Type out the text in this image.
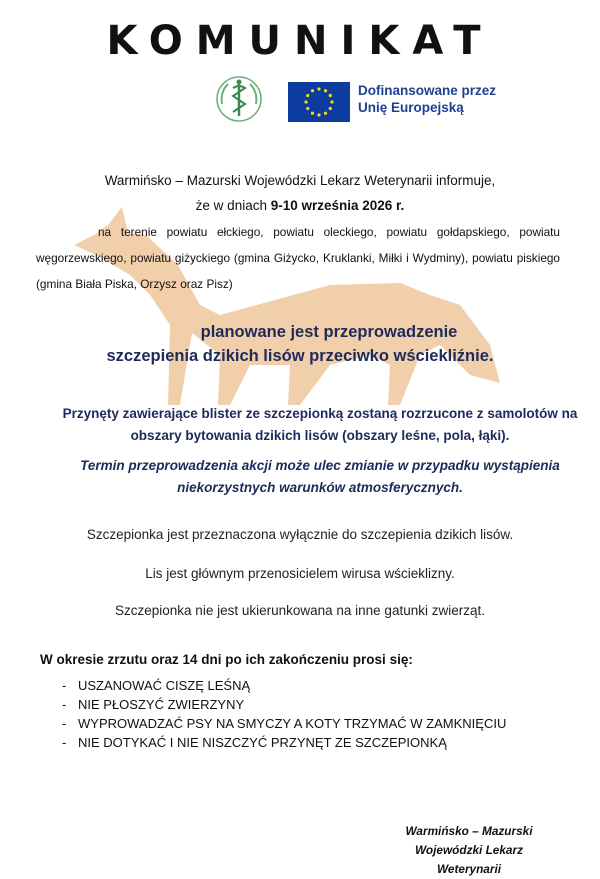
KOMUNIKAT
Dofinansowane przez
Unię Europejską
Warmińsko – Mazurski Wojewódzki Lekarz Weterynarii informuje,
że w dniach 9-10 września 2026 r.
na terenie powiatu ełckiego, powiatu oleckiego, powiatu gołdapskiego, powiatu węgorzewskiego, powiatu giżyckiego (gmina Giżycko, Kruklanki, Miłki i Wydminy), powiatu piskiego (gmina Biała Piska, Orzysz oraz Pisz)
planowane jest przeprowadzenie
szczepienia dzikich lisów przeciwko wściekliźnie.
Przynęty zawierające blister ze szczepionką zostaną rozrzucone z samolotów na obszary bytowania dzikich lisów (obszary leśne, pola, łąki).
Termin przeprowadzenia akcji może ulec zmianie w przypadku wystąpienia niekorzystnych warunków atmosferycznych.
Szczepionka jest przeznaczona wyłącznie do szczepienia dzikich lisów.
Lis jest głównym przenosicielem wirusa wścieklizny.
Szczepionka nie jest ukierunkowana na inne gatunki zwierząt.
W okresie zrzutu oraz 14 dni po ich zakończeniu prosi się:
- USZANOWAĆ CISZĘ LEŚNĄ
- NIE PŁOSZYĆ ZWIERZYNY
- WYPROWADZAĆ PSY NA SMYCZY A KOTY TRZYMAĆ W ZAMKNIĘCIU
- NIE DOTYKAĆ I NIE NISZCZYĆ PRZYNĘT ZE SZCZEPIONKĄ
Warmińsko – Mazurski
Wojewódzki Lekarz Weterynarii
